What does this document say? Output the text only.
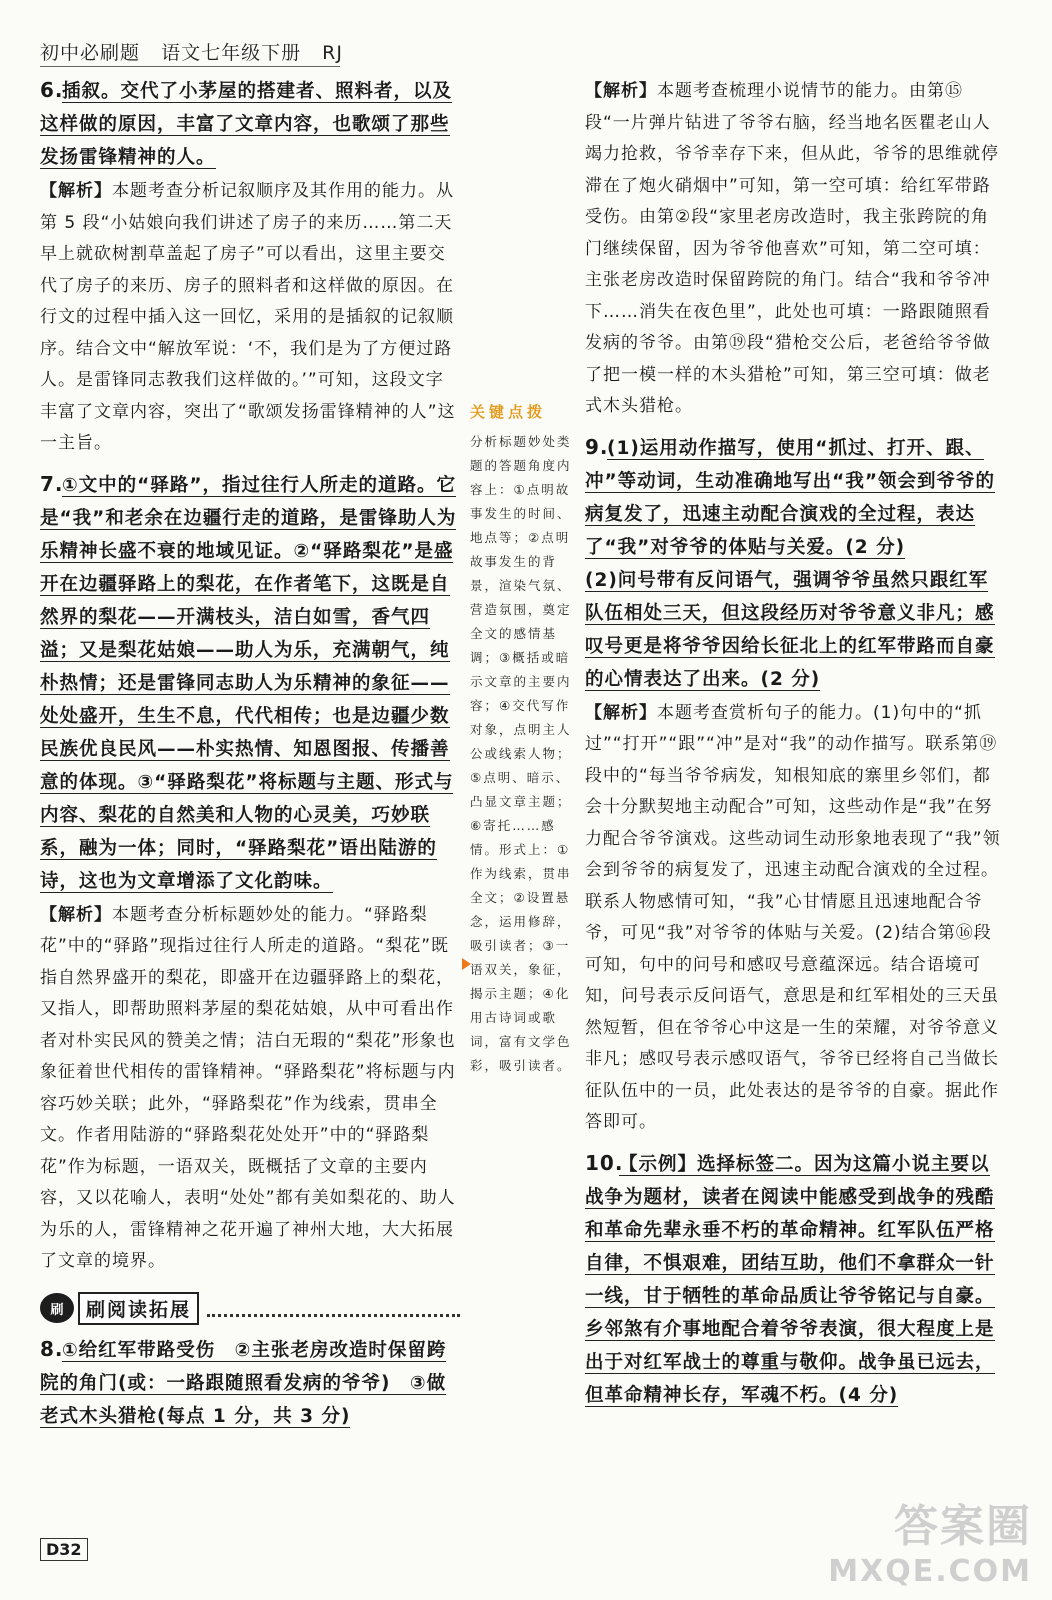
初中必刷题 语文七年级下册 RJ
6.插叙。交代了小茅屋的搭建者、照料者，以及这样做的原因，丰富了文章内容，也歌颂了那些发扬雷锋精神的人。
【解析】本题考查分析记叙顺序及其作用的能力。从第 5 段“小姑娘向我们讲述了房子的来历……第二天早上就砍树割草盖起了房子”可以看出，这里主要交代了房子的来历、房子的照料者和这样做的原因。在行文的过程中插入这一回忆，采用的是插叙的记叙顺序。结合文中“解放军说：‘不，我们是为了方便过路人。是雷锋同志教我们这样做的。’”可知，这段文字丰富了文章内容，突出了“歌颂发扬雷锋精神的人”这一主旨。
7.①文中的“驿路”，指过往行人所走的道路。它是“我”和老余在边疆行走的道路，是雷锋助人为乐精神长盛不衰的地域见证。②“驿路梨花”是盛开在边疆驿路上的梨花，在作者笔下，这既是自然界的梨花——开满枝头，洁白如雪，香气四溢；又是梨花姑娘——助人为乐，充满朝气，纯朴热情；还是雷锋同志助人为乐精神的象征——处处盛开，生生不息，代代相传；也是边疆少数民族优良民风——朴实热情、知恩图报、传播善意的体现。③“驿路梨花”将标题与主题、形式与内容、梨花的自然美和人物的心灵美，巧妙联系，融为一体；同时，“驿路梨花”语出陆游的诗，这也为文章增添了文化韵味。
【解析】本题考查分析标题妙处的能力。“驿路梨花”中的“驿路”现指过往行人所走的道路。“梨花”既指自然界盛开的梨花，即盛开在边疆驿路上的梨花，又指人，即帮助照料茅屋的梨花姑娘，从中可看出作者对朴实民风的赞美之情；洁白无瑕的“梨花”形象也象征着世代相传的雷锋精神。“驿路梨花”将标题与内容巧妙关联；此外，“驿路梨花”作为线索，贯串全文。作者用陆游的“驿路梨花处处开”中的“驿路梨花”作为标题，一语双关，既概括了文章的主要内容，又以花喻人，表明“处处”都有美如梨花的、助人为乐的人，雷锋精神之花开遍了神州大地，大大拓展了文章的境界。
刷	刷阅读拓展
8.①给红军带路受伤　②主张老房改造时保留跨院的角门(或：一路跟随照看发病的爷爷)　③做老式木头猎枪(每点 1 分，共 3 分)
关键点拨
分析标题妙处类题的答题角度内容上：①点明故事发生的时间、地点等；②点明故事发生的背景，渲染气氛、营造氛围，奠定全文的感情基调；③概括或暗示文章的主要内容；④交代写作对象，点明主人公或线索人物；⑤点明、暗示、凸显文章主题；⑥寄托……感情。形式上：①作为线索，贯串全文；②设置悬念，运用修辞，吸引读者；③一语双关，象征，揭示主题；④化用古诗词或歌词，富有文学色彩，吸引读者。
【解析】本题考查梳理小说情节的能力。由第⑮段“一片弹片钻进了爷爷右脑，经当地名医瞿老山人竭力抢救，爷爷幸存下来，但从此，爷爷的思维就停滞在了炮火硝烟中”可知，第一空可填：给红军带路受伤。由第②段“家里老房改造时，我主张跨院的角门继续保留，因为爷爷他喜欢”可知，第二空可填：主张老房改造时保留跨院的角门。结合“我和爷爷冲下……消失在夜色里”，此处也可填：一路跟随照看发病的爷爷。由第⑲段“猎枪交公后，老爸给爷爷做了把一模一样的木头猎枪”可知，第三空可填：做老式木头猎枪。
9.(1)运用动作描写，使用“抓过、打开、跟、冲”等动词，生动准确地写出“我”领会到爷爷的病复发了，迅速主动配合演戏的全过程，表达了“我”对爷爷的体贴与关爱。(2 分)
(2)问号带有反问语气，强调爷爷虽然只跟红军队伍相处三天，但这段经历对爷爷意义非凡；感叹号更是将爷爷因给长征北上的红军带路而自豪的心情表达了出来。(2 分)
【解析】本题考查赏析句子的能力。(1)句中的“抓过”“打开”“跟”“冲”是对“我”的动作描写。联系第⑲段中的“每当爷爷病发，知根知底的寨里乡邻们，都会十分默契地主动配合”可知，这些动作是“我”在努力配合爷爷演戏。这些动词生动形象地表现了“我”领会到爷爷的病复发了，迅速主动配合演戏的全过程。联系人物感情可知，“我”心甘情愿且迅速地配合爷爷，可见“我”对爷爷的体贴与关爱。(2)结合第⑯段可知，句中的问号和感叹号意蕴深远。结合语境可知，问号表示反问语气，意思是和红军相处的三天虽然短暂，但在爷爷心中这是一生的荣耀，对爷爷意义非凡；感叹号表示感叹语气，爷爷已经将自己当做长征队伍中的一员，此处表达的是爷爷的自豪。据此作答即可。
10.【示例】选择标签二。因为这篇小说主要以战争为题材，读者在阅读中能感受到战争的残酷和革命先辈永垂不朽的革命精神。红军队伍严格自律，不惧艰难，团结互助，他们不拿群众一针一线，甘于牺牲的革命品质让爷爷铭记与自豪。乡邻煞有介事地配合着爷爷表演，很大程度上是出于对红军战士的尊重与敬仰。战争虽已远去，但革命精神长存，军魂不朽。(4 分)
D32	答案圈
MXQE.COM
